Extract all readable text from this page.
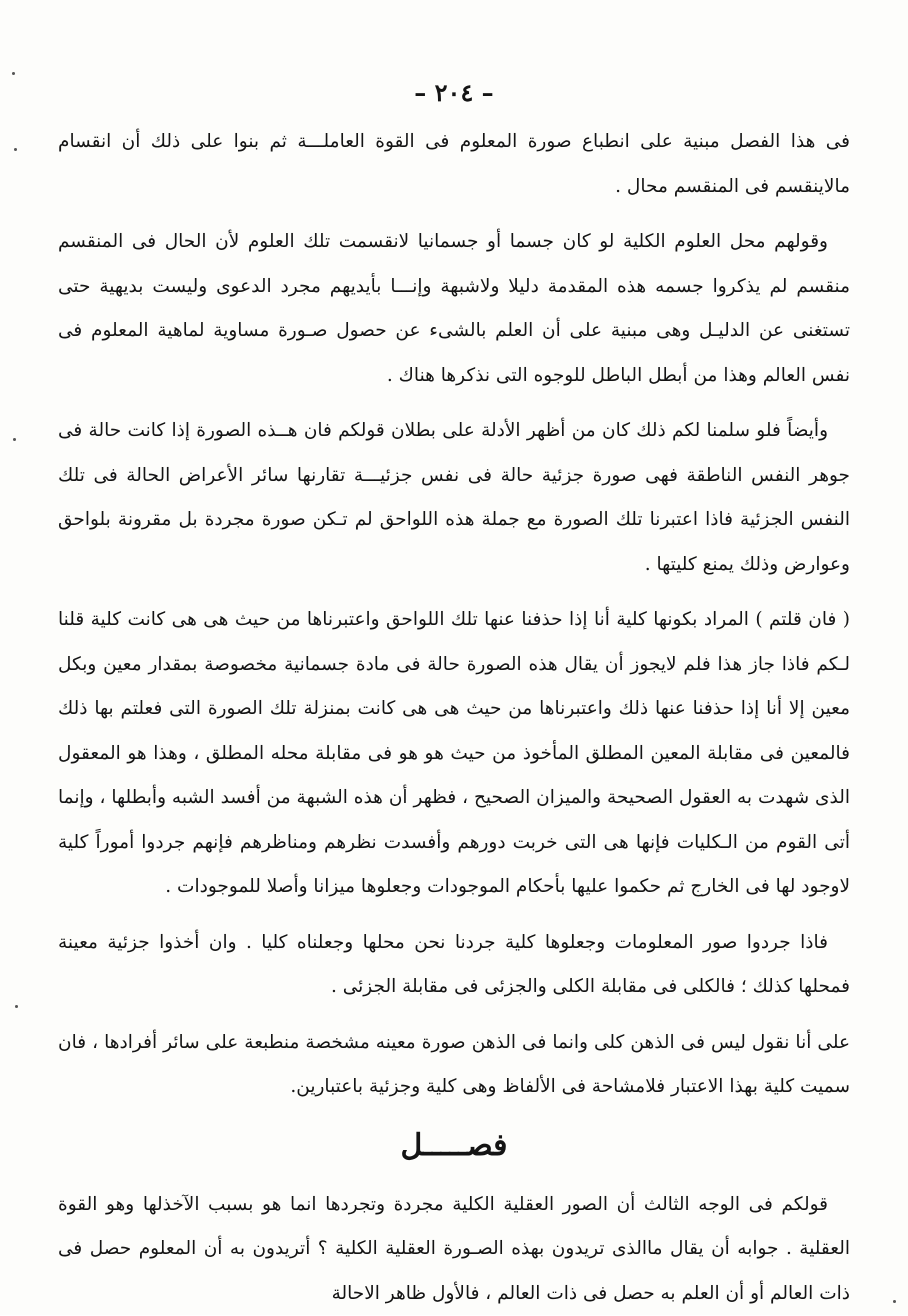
– ٢٠٤ –

فى هذا الفصل مبنية على انطباع صورة المعلوم فى القوة العاملـــة ثم بنوا على ذلك أن انقسام مالاينقسم فى المنقسم محال .

وقولهم محل العلوم الكلية لو كان جسما أو جسمانيا لانقسمت تلك العلوم لأن الحال فى المنقسم منقسم لم يذكروا جسمه هذه المقدمة دليلا ولاشبهة وإنـــا بأيديهم مجرد الدعوى وليست بديهية حتى تستغنى عن الدليـل وهى مبنية على أن العلم بالشىء عن حصول صـورة مساوية لماهية المعلوم فى نفس العالم وهذا من أبطل الباطل للوجوه التى نذكرها هناك .

وأيضاً فلو سلمنا لكم ذلك كان من أظهر الأدلة على بطلان قولكم فان هــذه الصورة إذا كانت حالة فى جوهر النفس الناطقة فهى صورة جزئية حالة فى نفس جزئيـــة تقارنها سائر الأعراض الحالة فى تلك النفس الجزئية فاذا اعتبرنا تلك الصورة مع جملة هذه اللواحق لم تـكن صورة مجردة بل مقرونة بلواحق وعوارض وذلك يمنع كليتها .

( فان قلتم ) المراد بكونها كلية أنا إذا حذفنا عنها تلك اللواحق واعتبرناها من حيث هى هى كانت كلية قلنا لـكم فاذا جاز هذا فلم لايجوز أن يقال هذه الصورة حالة فى مادة جسمانية مخصوصة بمقدار معين وبكل معين إلا أنا إذا حذفنا عنها ذلك واعتبرناها من حيث هى هى كانت بمنزلة تلك الصورة التى فعلتم بها ذلك فالمعين فى مقابلة المعين المطلق المأخوذ من حيث هو هو فى مقابلة محله المطلق ، وهذا هو المعقول الذى شهدت به العقول الصحيحة والميزان الصحيح ، فظهر أن هذه الشبهة من أفسد الشبه وأبطلها ، وإنما أتى القوم من الـكليات فإنها هى التى خربت دورهم وأفسدت نظرهم ومناظرهم فإنهم جردوا أموراً كلية لاوجود لها فى الخارج ثم حكموا عليها بأحكام الموجودات وجعلوها ميزانا وأصلا للموجودات .

فاذا جردوا صور المعلومات وجعلوها كلية جردنا نحن محلها وجعلناه كليا . وان أخذوا جزئية معينة فمحلها كذلك ؛ فالكلى فى مقابلة الكلى والجزئى فى مقابلة الجزئى .

على أنا نقول ليس فى الذهن كلى وانما فى الذهن صورة معينه مشخصة منطبعة على سائر أفرادها ، فان سميت كلية بهذا الاعتبار فلامشاحة فى الألفاظ وهى كلية وجزئية باعتبارين.

فصـــــل

قولكم فى الوجه الثالث أن الصور العقلية الكلية مجردة وتجردها انما هو بسبب الآخذلها وهو القوة العقلية . جوابه أن يقال ماالذى تريدون بهذه الصـورة العقلية الكلية ؟ أتريدون به أن المعلوم حصل فى ذات العالم أو أن العلم به حصل فى ذات العالم ، فالأول ظاهر الاحالة
